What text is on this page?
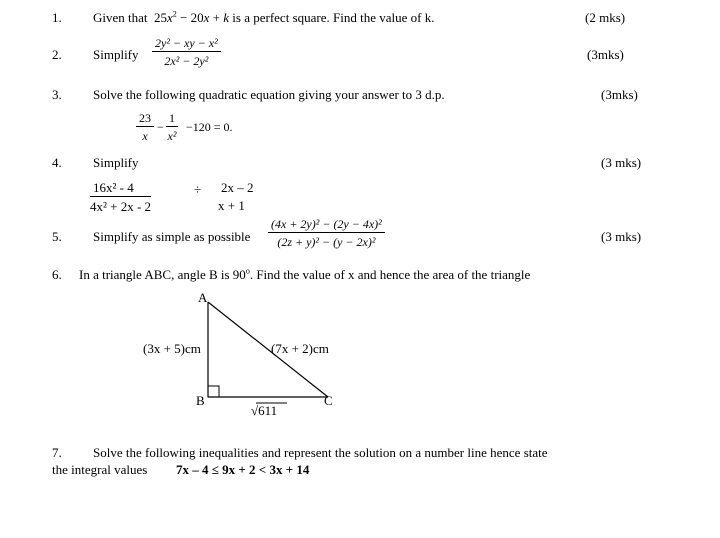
1. Given that $25x^2 - 20x + k$ is a perfect square. Find the value of k.	(2 mks)
2. Simplify $\frac{\text{2y² − xy − x²}}{\text{2x² − 2y²}}$	(3mks)
3. Solve the following quadratic equation giving your answer to 3 d.p.	(3mks)
$\frac{23}{x} - \frac{1}{\text{x²}} -120 = 0$.
4. Simplify	(3 mks)
$\frac{\text{16x² - 4}}{\text{4x² + 2x - 2}}$	÷ 2x – 2
x + 1
5. Simplify as simple as possible $\frac{\text{(4x + 2y)² − (2y − 4x)²}}{\text{(2z + y)² − (y − 2x)²}}$	(3 mks)
6. In a triangle ABC, angle B is 90$^o$. Find the value of x and hence the area of the triangle
A
B	C
(3x + 5)cm	(7x + 2)cm
√611
7. Solve the following inequalities and represent the solution on a number line hence state
the integral values 7x – 4 ≤ 9x + 2 < 3x + 14
